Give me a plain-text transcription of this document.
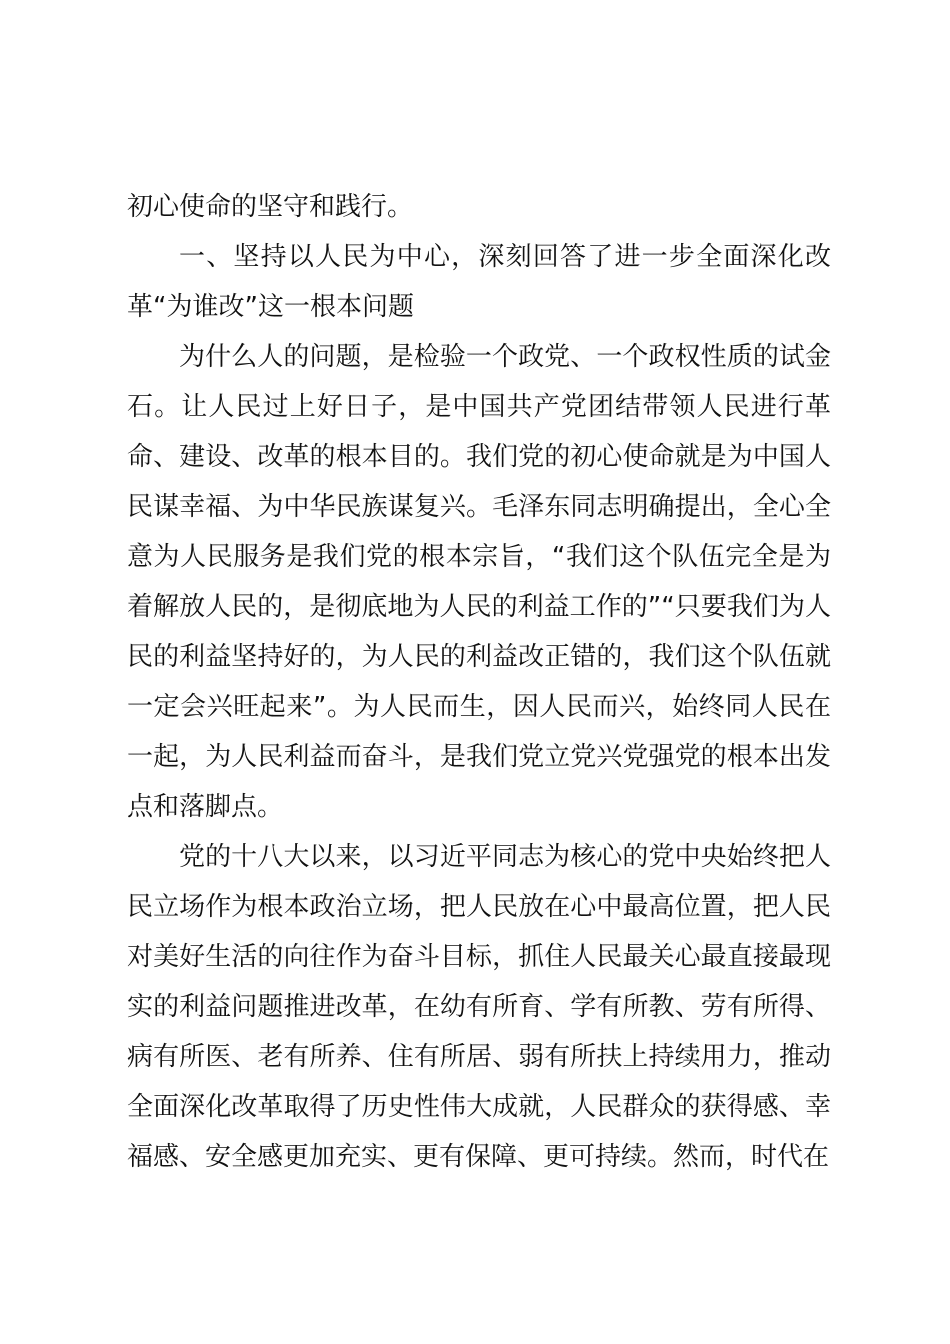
初心使命的坚守和践行。

一、坚持以人民为中心，深刻回答了进一步全面深化改革“为谁改”这一根本问题

为什么人的问题，是检验一个政党、一个政权性质的试金石。让人民过上好日子，是中国共产党团结带领人民进行革命、建设、改革的根本目的。我们党的初心使命就是为中国人民谋幸福、为中华民族谋复兴。毛泽东同志明确提出，全心全意为人民服务是我们党的根本宗旨，“我们这个队伍完全是为着解放人民的，是彻底地为人民的利益工作的”“只要我们为人民的利益坚持好的，为人民的利益改正错的，我们这个队伍就一定会兴旺起来”。为人民而生，因人民而兴，始终同人民在一起，为人民利益而奋斗，是我们党立党兴党强党的根本出发点和落脚点。

党的十八大以来，以习近平同志为核心的党中央始终把人民立场作为根本政治立场，把人民放在心中最高位置，把人民对美好生活的向往作为奋斗目标，抓住人民最关心最直接最现实的利益问题推进改革，在幼有所育、学有所教、劳有所得、病有所医、老有所养、住有所居、弱有所扶上持续用力，推动全面深化改革取得了历史性伟大成就，人民群众的获得感、幸福感、安全感更加充实、更有保障、更可持续。然而，时代在
